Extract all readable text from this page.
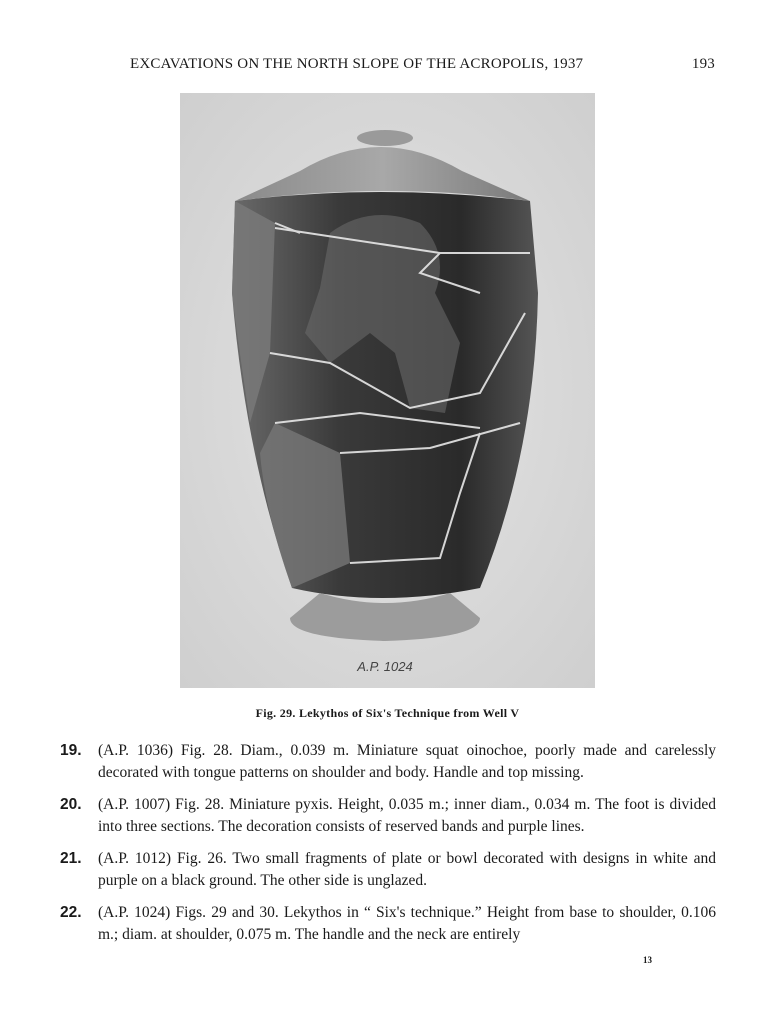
EXCAVATIONS ON THE NORTH SLOPE OF THE ACROPOLIS, 1937	193
A.P. 1024
Fig. 29. Lekythos of Six's Technique from Well V
19.	(A.P. 1036) Fig. 28. Diam., 0.039 m. Miniature squat oinochoe, poorly made and carelessly decorated with tongue patterns on shoulder and body. Handle and top missing.
20.	(A.P. 1007) Fig. 28. Miniature pyxis. Height, 0.035 m.; inner diam., 0.034 m. The foot is divided into three sections. The decoration consists of reserved bands and purple lines.
21.	(A.P. 1012) Fig. 26. Two small fragments of plate or bowl decorated with designs in white and purple on a black ground. The other side is unglazed.
22.	(A.P. 1024) Figs. 29 and 30. Lekythos in “ Six's technique.” Height from base to shoulder, 0.106 m.; diam. at shoulder, 0.075 m. The handle and the neck are entirely
13
